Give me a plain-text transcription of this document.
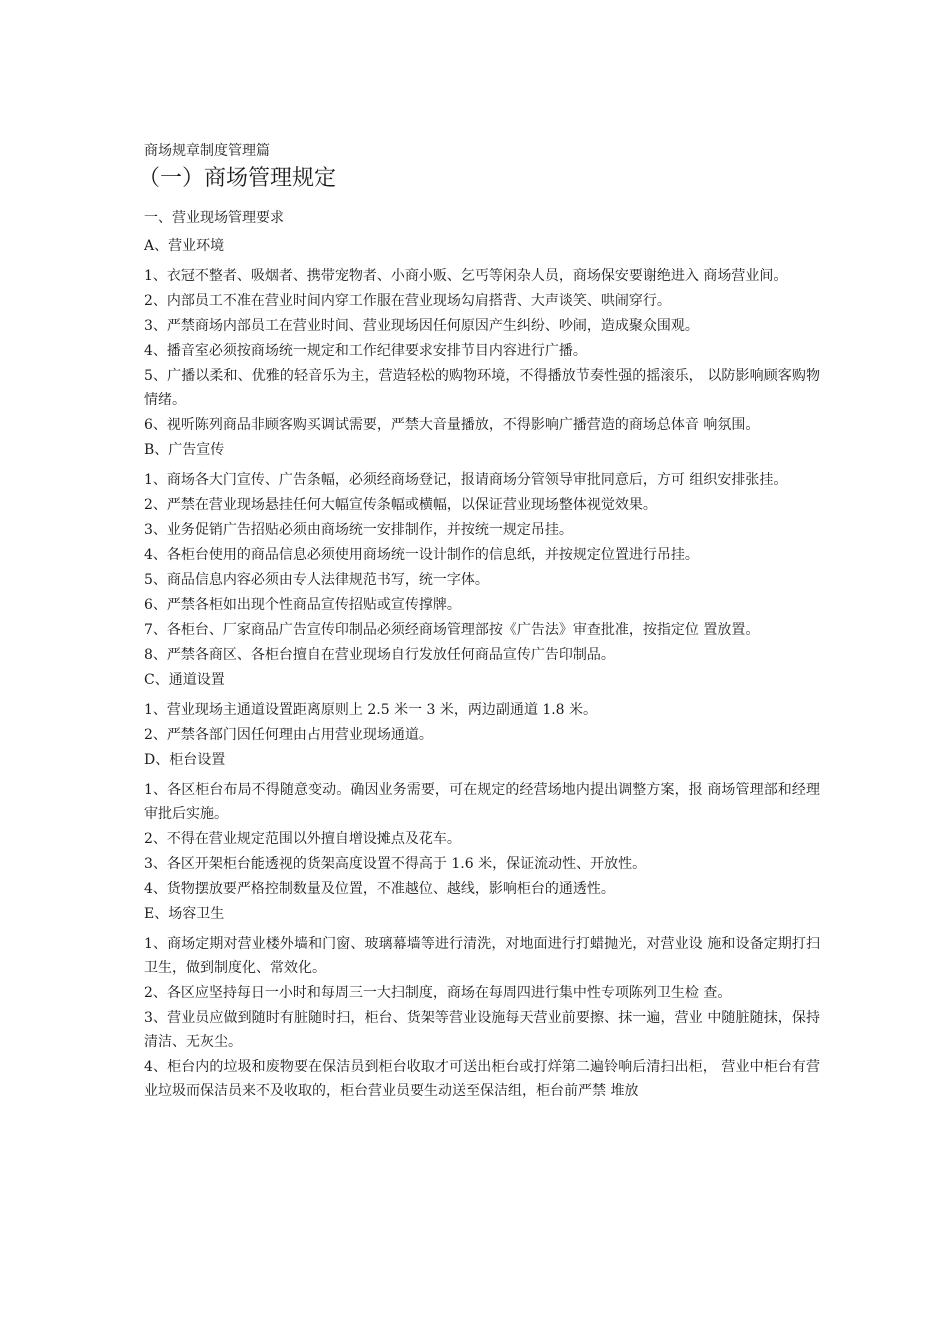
商场规章制度管理篇

（一）商场管理规定

一、营业现场管理要求

A、营业环境

1、衣冠不整者、吸烟者、携带宠物者、小商小贩、乞丐等闲杂人员，商场保安要谢绝进入 商场营业间。

2、内部员工不准在营业时间内穿工作服在营业现场勾肩搭背、大声谈笑、哄闹穿行。

3、严禁商场内部员工在营业时间、营业现场因任何原因产生纠纷、吵闹，造成聚众围观。

4、播音室必须按商场统一规定和工作纪律要求安排节目内容进行广播。

5、广播以柔和、优雅的轻音乐为主，营造轻松的购物环境，不得播放节奏性强的摇滚乐， 以防影响顾客购物情绪。

6、视听陈列商品非顾客购买调试需要，严禁大音量播放，不得影响广播营造的商场总体音 响氛围。

B、广告宣传

1、商场各大门宣传、广告条幅，必须经商场登记，报请商场分管领导审批同意后，方可 组织安排张挂。

2、严禁在营业现场悬挂任何大幅宣传条幅或横幅，以保证营业现场整体视觉效果。

3、业务促销广告招贴必须由商场统一安排制作，并按统一规定吊挂。

4、各柜台使用的商品信息必须使用商场统一设计制作的信息纸，并按规定位置进行吊挂。

5、商品信息内容必须由专人法律规范书写，统一字体。

6、严禁各柜如出现个性商品宣传招贴或宣传撑牌。

7、各柜台、厂家商品广告宣传印制品必须经商场管理部按《广告法》审查批准，按指定位 置放置。

8、严禁各商区、各柜台擅自在营业现场自行发放任何商品宣传广告印制品。

C、通道设置

1、营业现场主通道设置距离原则上 2.5 米一 3 米，两边副通道 1.8 米。

2、严禁各部门因任何理由占用营业现场通道。

D、柜台设置

1、各区柜台布局不得随意变动。确因业务需要，可在规定的经营场地内提出调整方案，报 商场管理部和经理审批后实施。

2、不得在营业规定范围以外擅自增设摊点及花车。

3、各区开架柜台能透视的货架高度设置不得高于 1.6 米，保证流动性、开放性。

4、货物摆放要严格控制数量及位置，不准越位、越线，影响柜台的通透性。

E、场容卫生

1、商场定期对营业楼外墙和门窗、玻璃幕墙等进行清洗，对地面进行打蜡抛光，对营业设 施和设备定期打扫卫生，做到制度化、常效化。

2、各区应坚持每日一小时和每周三一大扫制度，商场在每周四进行集中性专项陈列卫生检 查。

3、营业员应做到随时有脏随时扫，柜台、货架等营业设施每天营业前要擦、抹一遍，营业 中随脏随抹，保持清洁、无灰尘。

4、柜台内的垃圾和废物要在保洁员到柜台收取才可送出柜台或打烊第二遍铃响后清扫出柜， 营业中柜台有营业垃圾而保洁员来不及收取的，柜台营业员要生动送至保洁组，柜台前严禁 堆放
